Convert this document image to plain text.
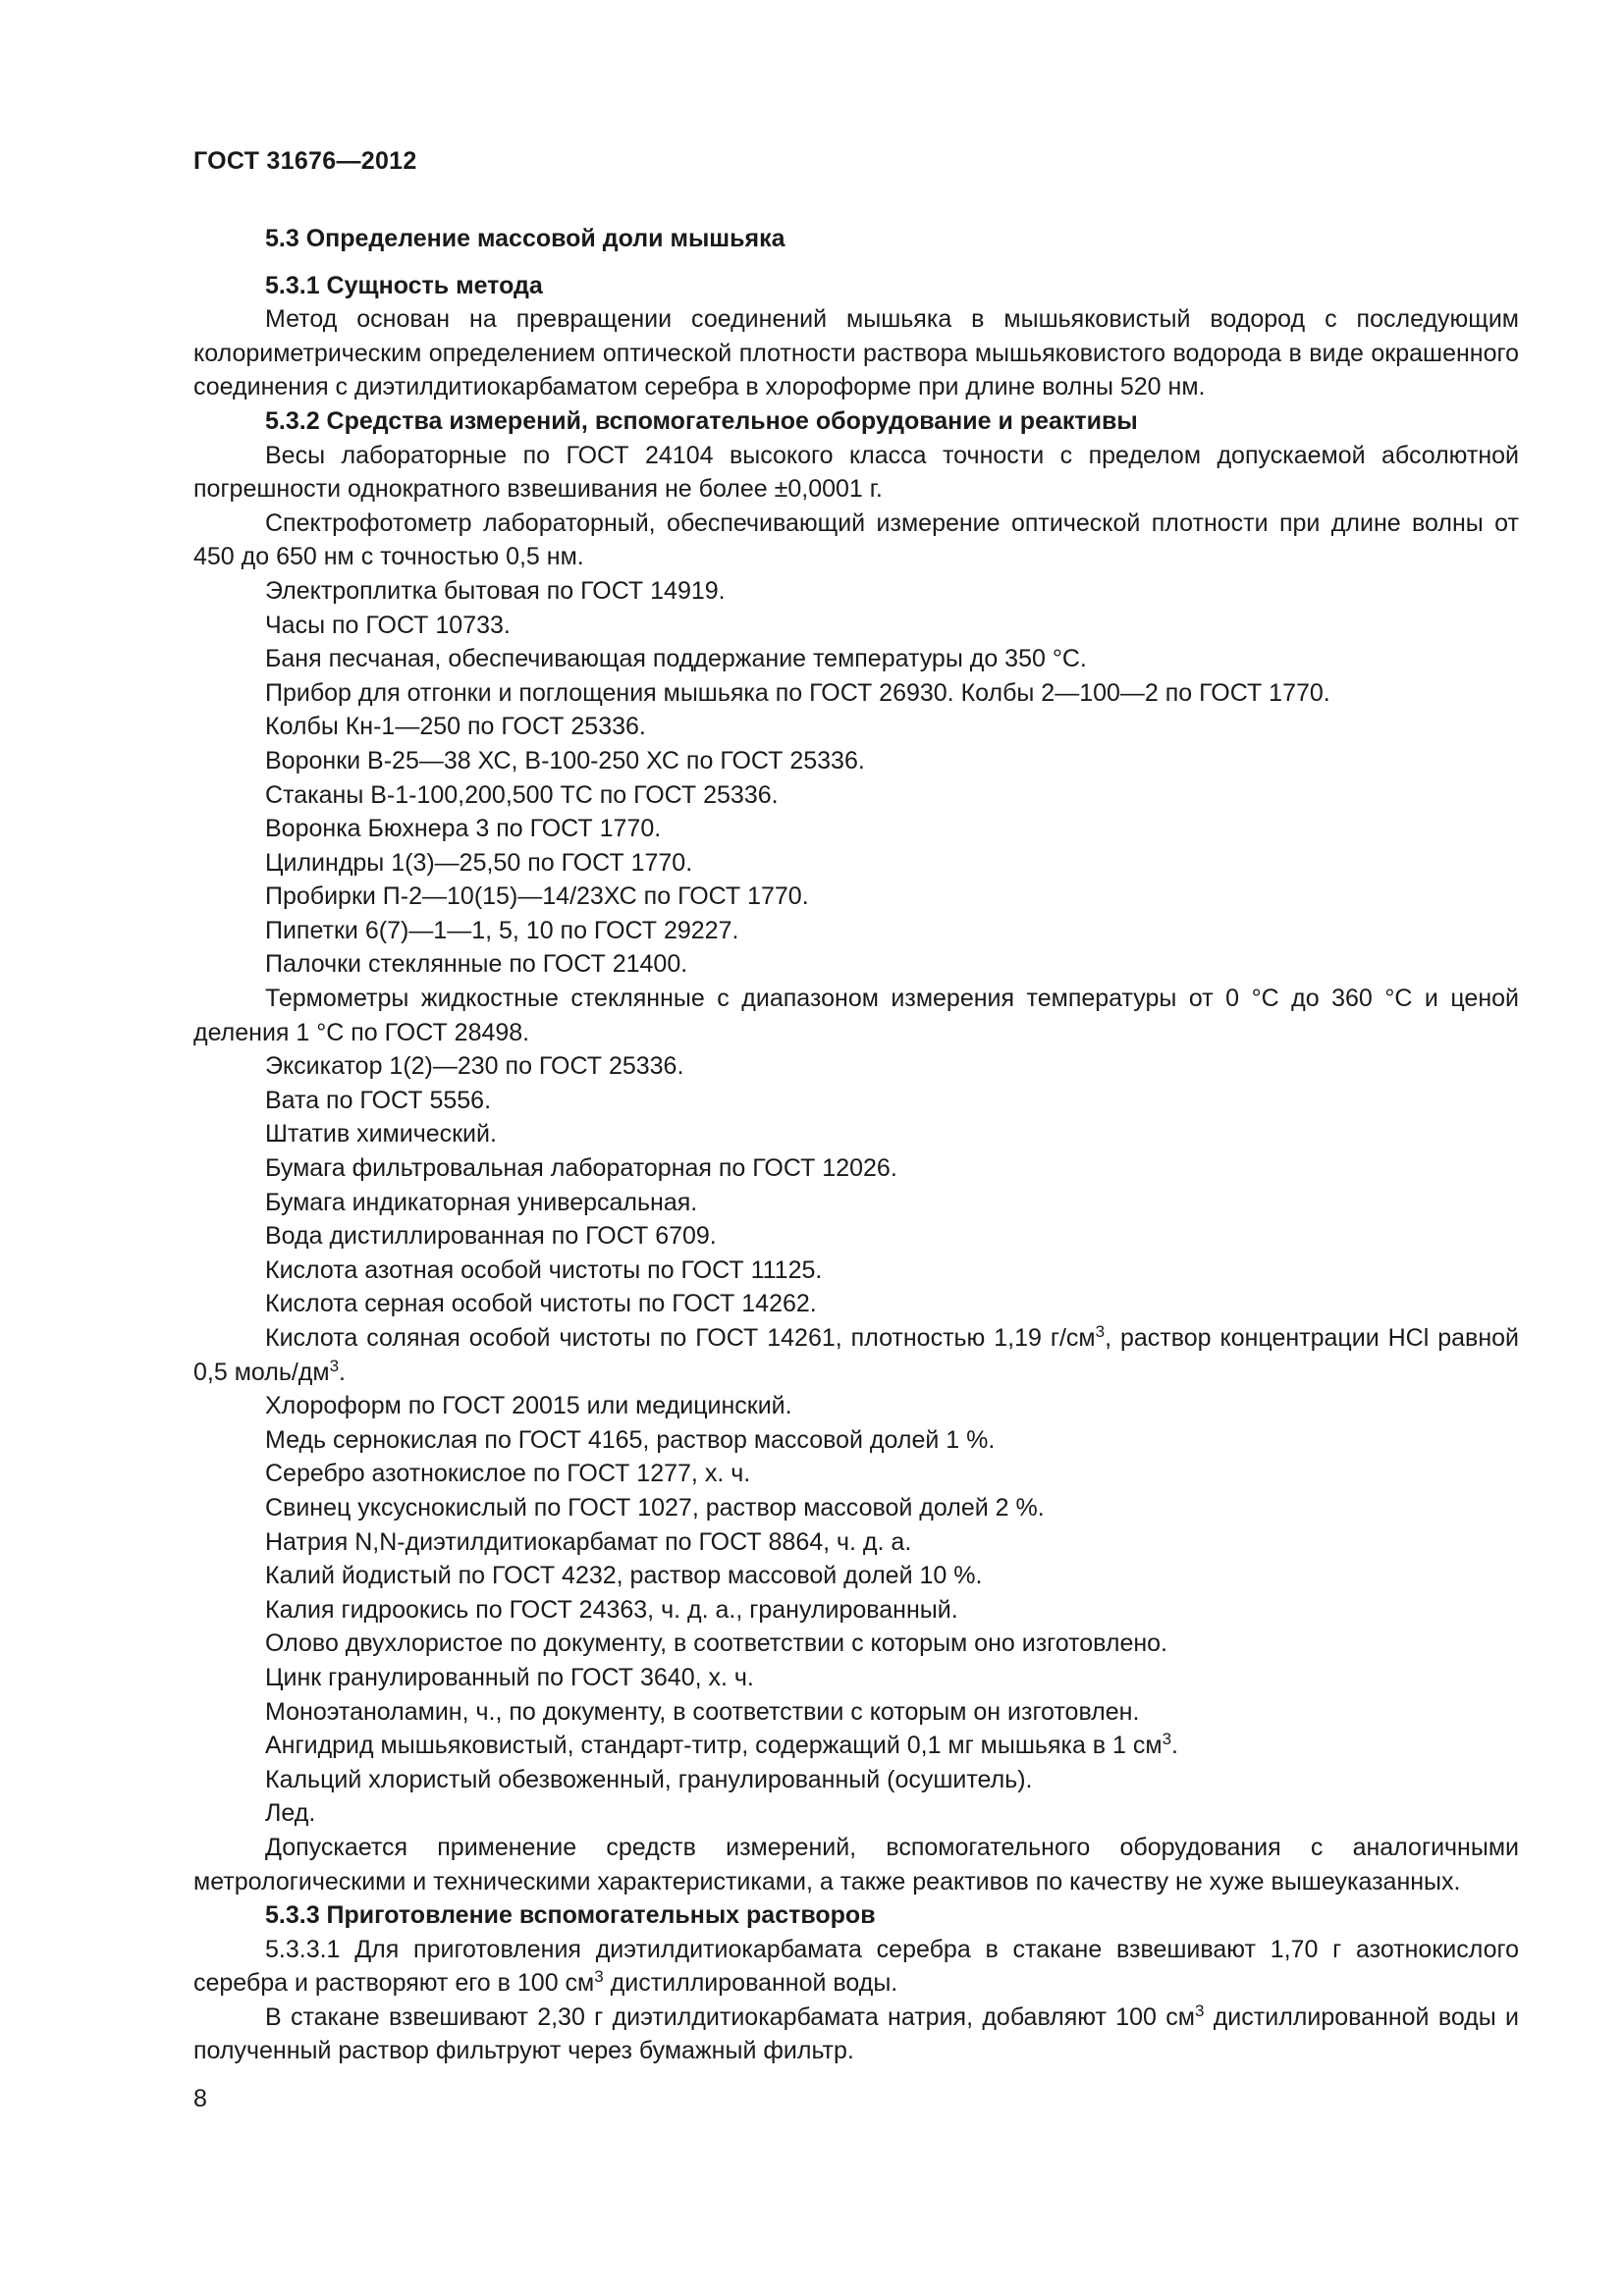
ГОСТ 31676—2012

5.3 Определение массовой доли мышьяка

5.3.1 Сущность метода

Метод основан на превращении соединений мышьяка в мышьяковистый водород с последующим колориметрическим определением оптической плотности раствора мышьяковистого водорода в виде окрашенного соединения с диэтилдитиокарбаматом серебра в хлороформе при длине волны 520 нм.

5.3.2 Средства измерений, вспомогательное оборудование и реактивы

Весы лабораторные по ГОСТ 24104 высокого класса точности с пределом допускаемой абсолютной погрешности однократного взвешивания не более ±0,0001 г.

Спектрофотометр лабораторный, обеспечивающий измерение оптической плотности при длине волны от 450 до 650 нм с точностью 0,5 нм.

Электроплитка бытовая по ГОСТ 14919.

Часы по ГОСТ 10733.

Баня песчаная, обеспечивающая поддержание температуры до 350 °С.

Прибор для отгонки и поглощения мышьяка по ГОСТ 26930. Колбы 2—100—2 по ГОСТ 1770.

Колбы Кн-1—250 по ГОСТ 25336.

Воронки В-25—38 ХС, В-100-250 ХС по ГОСТ 25336.

Стаканы В-1-100,200,500 ТС по ГОСТ 25336.

Воронка Бюхнера 3 по ГОСТ 1770.

Цилиндры 1(3)—25,50 по ГОСТ 1770.

Пробирки П-2—10(15)—14/23ХС по ГОСТ 1770.

Пипетки 6(7)—1—1, 5, 10 по ГОСТ 29227.

Палочки стеклянные по ГОСТ 21400.

Термометры жидкостные стеклянные с диапазоном измерения температуры от 0 °С до 360 °С и ценой деления 1 °С по ГОСТ 28498.

Эксикатор 1(2)—230 по ГОСТ 25336.

Вата по ГОСТ 5556.

Штатив химический.

Бумага фильтровальная лабораторная по ГОСТ 12026.

Бумага индикаторная универсальная.

Вода дистиллированная по ГОСТ 6709.

Кислота азотная особой чистоты по ГОСТ 11125.

Кислота серная особой чистоты по ГОСТ 14262.

Кислота соляная особой чистоты по ГОСТ 14261, плотностью 1,19 $г/см^3$, раствор концентрации HCl равной 0,5 моль/$дм^3$.

Хлороформ по ГОСТ 20015 или медицинский.

Медь сернокислая по ГОСТ 4165, раствор массовой долей 1 %.

Серебро азотнокислое по ГОСТ 1277, х. ч.

Свинец уксуснокислый по ГОСТ 1027, раствор массовой долей 2 %.

Натрия N,N-диэтилдитиокарбамат по ГОСТ 8864, ч. д. а.

Калий йодистый по ГОСТ 4232, раствор массовой долей 10 %.

Калия гидроокись по ГОСТ 24363, ч. д. а., гранулированный.

Олово двухлористое по документу, в соответствии с которым оно изготовлено.

Цинк гранулированный по ГОСТ 3640, х. ч.

Моноэтаноламин, ч., по документу, в соответствии с которым он изготовлен.

Ангидрид мышьяковистый, стандарт-титр, содержащий 0,1 мг мышьяка в 1 $см^3$.

Кальций хлористый обезвоженный, гранулированный (осушитель).

Лед.

Допускается применение средств измерений, вспомогательного оборудования с аналогичными метрологическими и техническими характеристиками, а также реактивов по качеству не хуже вышеуказанных.

5.3.3 Приготовление вспомогательных растворов

5.3.3.1 Для приготовления диэтилдитиокарбамата серебра в стакане взвешивают 1,70 г азотнокислого серебра и растворяют его в 100 $см^3$ дистиллированной воды.

В стакане взвешивают 2,30 г диэтилдитиокарбамата натрия, добавляют 100 $см^3$ дистиллированной воды и полученный раствор фильтруют через бумажный фильтр.

8
